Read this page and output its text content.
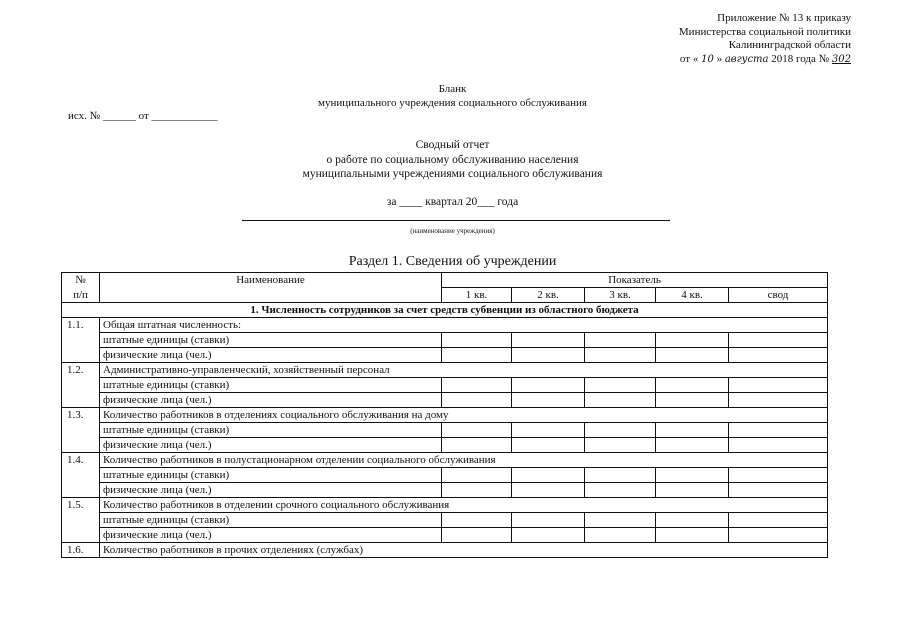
Приложение № 13 к приказу
Министерства социальной политики
Калининградской области
от « 10 » августа 2018 года № 302
Бланк
муниципального учреждения социального обслуживания
исх. № ______ от ____________
Сводный отчет
о работе по социальному обслуживанию населения
муниципальными учреждениями социального обслуживания
за ____ квартал 20___ года
(наименование учреждения)
Раздел 1. Сведения об учреждении
№	Наименование	Показатель				
п/п		1 кв.	2 кв.	3 кв.	4 кв.	свод
1. Численность сотрудников за счет средств субвенции из областного бюджета						
1.1.	Общая штатная численность:					
	штатные единицы (ставки)					
	физические лица (чел.)					
1.2.	Административно-управленческий, хозяйственный персонал					
	штатные единицы (ставки)					
	физические лица (чел.)					
1.3.	Количество работников в отделениях социального обслуживания на дому					
	штатные единицы (ставки)					
	физические лица (чел.)					
1.4.	Количество работников в полустационарном отделении социального обслуживания					
	штатные единицы (ставки)					
	физические лица (чел.)					
1.5.	Количество работников в отделении срочного социального обслуживания					
	штатные единицы (ставки)					
	физические лица (чел.)					
1.6.	Количество работников в прочих отделениях (службах)					
